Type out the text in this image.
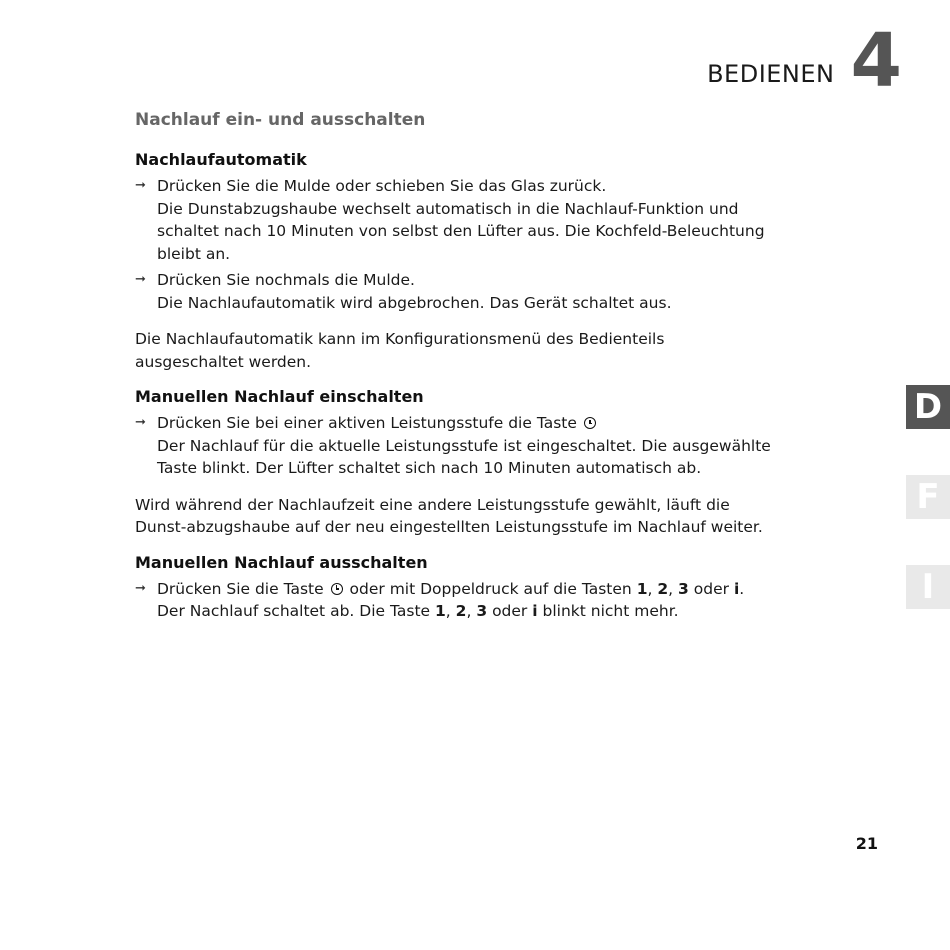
BEDIENEN 4
Nachlauf ein- und ausschalten
Nachlaufautomatik
➞ Drücken Sie die Mulde oder schieben Sie das Glas zurück.

Die Dunstabzugshaube wechselt automatisch in die Nachlauf-Funktion und schaltet nach 10 Minuten von selbst den Lüfter aus. Die Kochfeld-Beleuchtung bleibt an.

➞ Drücken Sie nochmals die Mulde.

Die Nachlaufautomatik wird abgebrochen. Das Gerät schaltet aus.

Die Nachlaufautomatik kann im Konfigurationsmenü des Bedienteils ausgeschaltet werden.

Manuellen Nachlauf einschalten
➞ Drücken Sie bei einer aktiven Leistungsstufe die Taste

Der Nachlauf für die aktuelle Leistungsstufe ist eingeschaltet. Die ausgewählte Taste blinkt. Der Lüfter schaltet sich nach 10 Minuten automatisch ab.

Wird während der Nachlaufzeit eine andere Leistungsstufe gewählt, läuft die Dunst-abzugshaube auf der neu eingestellten Leistungsstufe im Nachlauf weiter.

Manuellen Nachlauf ausschalten
➞ Drücken Sie die Taste oder mit Doppeldruck auf die Tasten 1, 2, 3 oder i.

Der Nachlauf schaltet ab. Die Taste 1, 2, 3 oder i blinkt nicht mehr.

D
F
I
21
